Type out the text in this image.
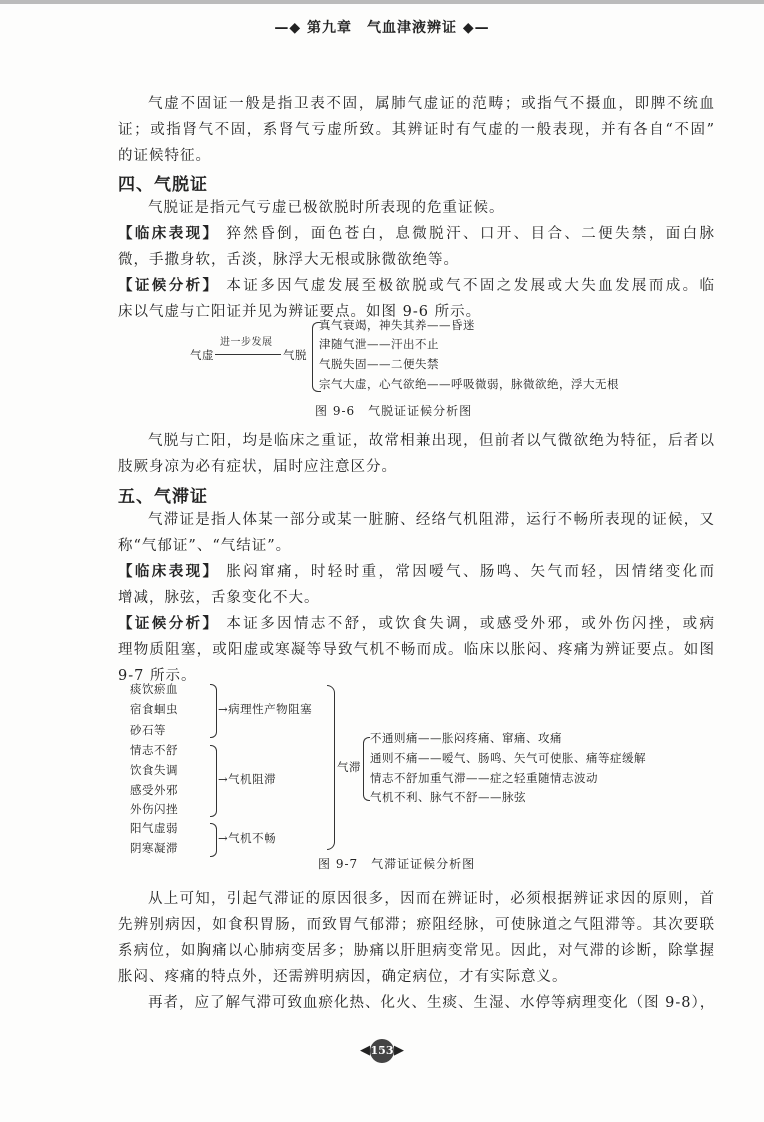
—◆ 第九章　气血津液辨证 ◆—
气虚不固证一般是指卫表不固，属肺气虚证的范畴；或指气不摄血，即脾不统血
证；或指肾气不固，系肾气亏虚所致。其辨证时有气虚的一般表现，并有各自“不固”
的证候特征。
四、气脱证
气脱证是指元气亏虚已极欲脱时所表现的危重证候。
【临床表现】 猝然昏倒，面色苍白，息微脱汗、口开、目合、二便失禁，面白脉
微，手撒身软，舌淡，脉浮大无根或脉微欲绝等。
【证候分析】 本证多因气虚发展至极欲脱或气不固之发展或大失血发展而成。临
床以气虚与亡阳证并见为辨证要点。如图 9-6 所示。
气虚
进一步发展
气脱
真气衰竭，神失其养——昏迷
津随气泄——汗出不止
气脱失固——二便失禁
宗气大虚，心气欲绝——呼吸微弱，脉微欲绝，浮大无根
图 9-6　气脱证证候分析图
气脱与亡阳，均是临床之重证，故常相兼出现，但前者以气微欲绝为特征，后者以
肢厥身凉为必有症状，届时应注意区分。
五、气滞证
气滞证是指人体某一部分或某一脏腑、经络气机阻滞，运行不畅所表现的证候，又
称“气郁证”、“气结证”。
【临床表现】 胀闷窜痛，时轻时重，常因嗳气、肠鸣、矢气而轻，因情绪变化而
增减，脉弦，舌象变化不大。
【证候分析】 本证多因情志不舒，或饮食失调，或感受外邪，或外伤闪挫，或病
理物质阻塞，或阳虚或寒凝等导致气机不畅而成。临床以胀闷、疼痛为辨证要点。如图
9-7 所示。
痰饮瘀血
宿食蛔虫
砂石等
情志不舒
饮食失调
感受外邪
外伤闪挫
阳气虚弱
阴寒凝滞
→病理性产物阻塞
→气机阻滞
→气机不畅
气滞
不通则痛——胀闷疼痛、窜痛、攻痛
通则不痛——嗳气、肠鸣、矢气可使胀、痛等症缓解
情志不舒加重气滞——症之轻重随情志波动
气机不利、脉气不舒——脉弦
图 9-7　气滞证证候分析图
从上可知，引起气滞证的原因很多，因而在辨证时，必须根据辨证求因的原则，首
先辨别病因，如食积胃肠，而致胃气郁滞；瘀阻经脉，可使脉道之气阻滞等。其次要联
系病位，如胸痛以心肺病变居多；胁痛以肝胆病变常见。因此，对气滞的诊断，除掌握
胀闷、疼痛的特点外，还需辨明病因，确定病位，才有实际意义。
再者，应了解气滞可致血瘀化热、化火、生痰、生湿、水停等病理变化（图 9-8），
◀153▶
